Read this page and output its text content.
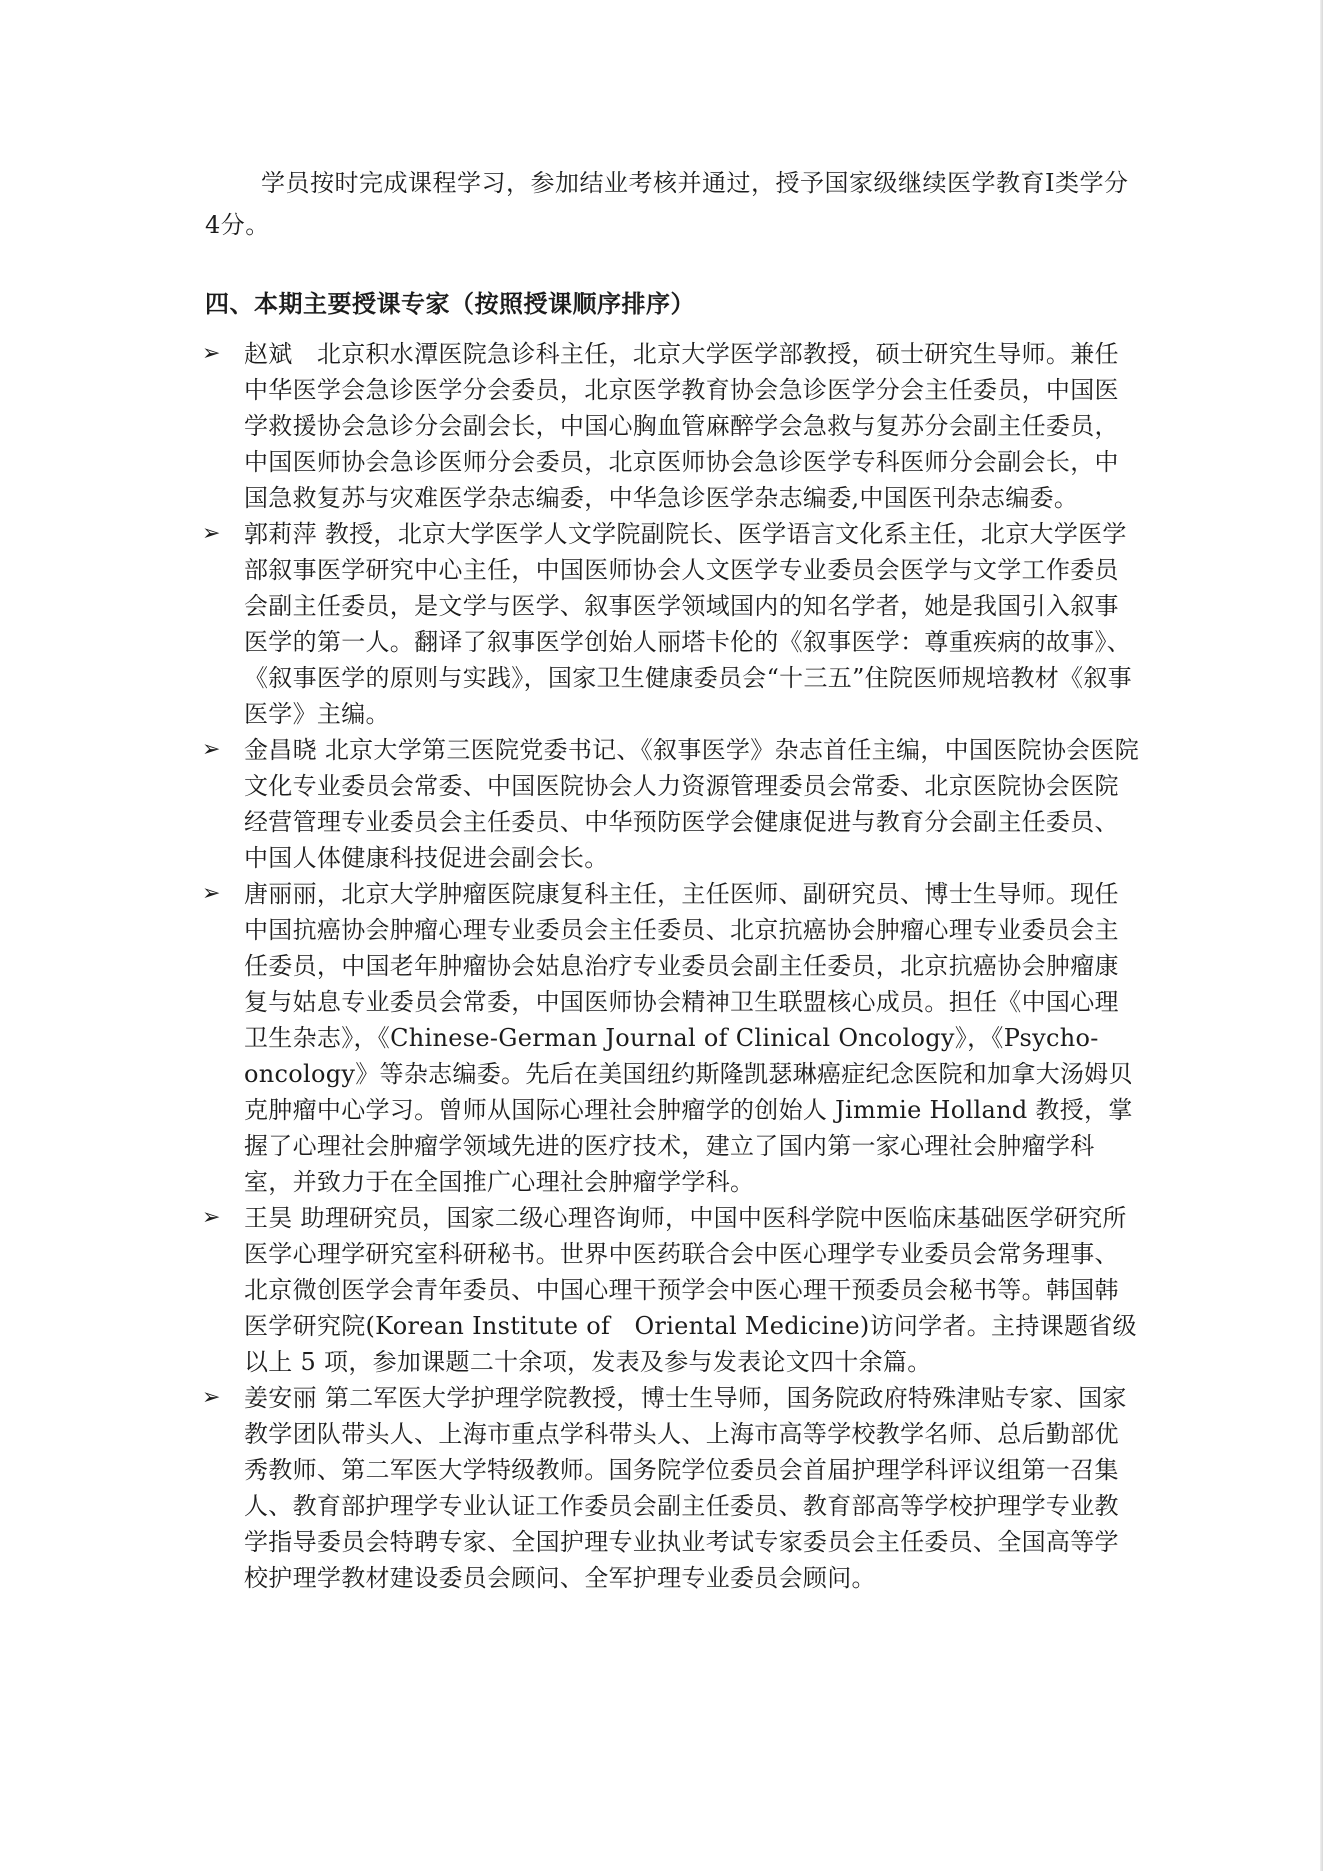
学员按时完成课程学习，参加结业考核并通过，授予国家级继续医学教育Ⅰ类学分4分。

四、本期主要授课专家（按照授课顺序排序）
➢ 赵斌　北京积水潭医院急诊科主任，北京大学医学部教授，硕士研究生导师。兼任中华医学会急诊医学分会委员，北京医学教育协会急诊医学分会主任委员，中国医学救援协会急诊分会副会长，中国心胸血管麻醉学会急救与复苏分会副主任委员，中国医师协会急诊医师分会委员，北京医师协会急诊医学专科医师分会副会长，中国急救复苏与灾难医学杂志编委，中华急诊医学杂志编委,中国医刊杂志编委。
➢ 郭莉萍 教授，北京大学医学人文学院副院长、医学语言文化系主任，北京大学医学部叙事医学研究中心主任，中国医师协会人文医学专业委员会医学与文学工作委员会副主任委员，是文学与医学、叙事医学领域国内的知名学者，她是我国引入叙事医学的第一人。翻译了叙事医学创始人丽塔卡伦的《叙事医学：尊重疾病的故事》、《叙事医学的原则与实践》，国家卫生健康委员会“十三五”住院医师规培教材《叙事医学》主编。
➢ 金昌晓 北京大学第三医院党委书记、《叙事医学》杂志首任主编，中国医院协会医院文化专业委员会常委、中国医院协会人力资源管理委员会常委、北京医院协会医院经营管理专业委员会主任委员、中华预防医学会健康促进与教育分会副主任委员、中国人体健康科技促进会副会长。
➢ 唐丽丽，北京大学肿瘤医院康复科主任，主任医师、副研究员、博士生导师。现任中国抗癌协会肿瘤心理专业委员会主任委员、北京抗癌协会肿瘤心理专业委员会主任委员，中国老年肿瘤协会姑息治疗专业委员会副主任委员，北京抗癌协会肿瘤康复与姑息专业委员会常委，中国医师协会精神卫生联盟核心成员。担任《中国心理卫生杂志》，《Chinese-German Journal of Clinical Oncology》，《Psycho-oncology》等杂志编委。先后在美国纽约斯隆凯瑟琳癌症纪念医院和加拿大汤姆贝克肿瘤中心学习。曾师从国际心理社会肿瘤学的创始人 Jimmie Holland 教授，掌握了心理社会肿瘤学领域先进的医疗技术，建立了国内第一家心理社会肿瘤学科室，并致力于在全国推广心理社会肿瘤学学科。
➢ 王昊 助理研究员，国家二级心理咨询师，中国中医科学院中医临床基础医学研究所医学心理学研究室科研秘书。世界中医药联合会中医心理学专业委员会常务理事、北京微创医学会青年委员、中国心理干预学会中医心理干预委员会秘书等。韩国韩医学研究院(Korean Institute of　Oriental Medicine)访问学者。主持课题省级以上 5 项，参加课题二十余项，发表及参与发表论文四十余篇。
➢ 姜安丽 第二军医大学护理学院教授，博士生导师，国务院政府特殊津贴专家、国家教学团队带头人、上海市重点学科带头人、上海市高等学校教学名师、总后勤部优秀教师、第二军医大学特级教师。国务院学位委员会首届护理学科评议组第一召集人、教育部护理学专业认证工作委员会副主任委员、教育部高等学校护理学专业教学指导委员会特聘专家、全国护理专业执业考试专家委员会主任委员、全国高等学校护理学教材建设委员会顾问、全军护理专业委员会顾问。
